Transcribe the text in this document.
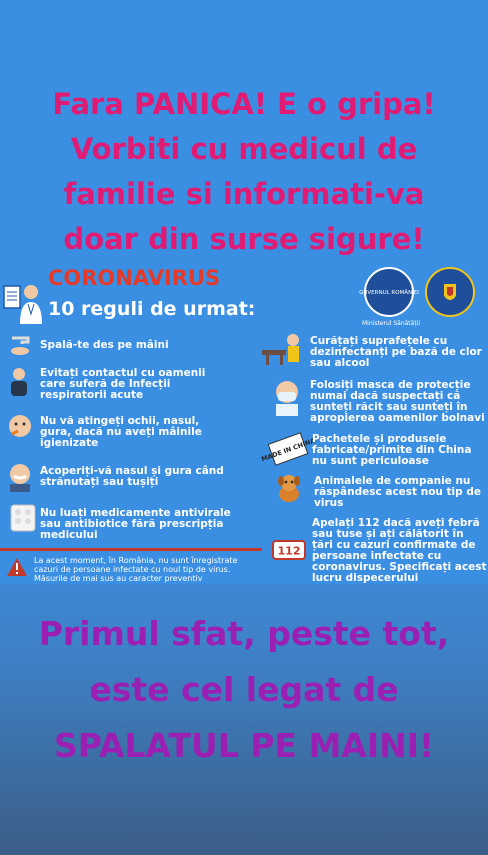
Fara PANICA! E o gripa!
Vorbiti cu medicul de
familie si informati-va
doar din surse sigure!
CORONAVIRUS
10 reguli de urmat:
GUVERNUL ROMÂNIEI
Ministerul Sănătății
Spală-te des pe mâini
Evitați contactul cu oamenii care suferă de Infecții respiratorii acute
Nu vă atingeți ochii, nasul, gura, dacă nu aveți mâinile igienizate
Acoperiți-vă nasul și gura când strănutați sau tușiți
Nu luați medicamente antivirale sau antibiotice fără prescripția medicului
Curățați suprafețele cu dezinfectanți pe bază de clor sau alcool
Folosiți masca de protecție numai dacă suspectați că sunteți răcit sau sunteți în apropierea oamenilor bolnavi
MADE IN CHINA
Pachetele și produsele fabricate/primite din China nu sunt periculoase
Animalele de companie nu răspândesc acest nou tip de virus
112
Apelați 112 dacă aveți febră sau tuse și ați călătorit în țări cu cazuri confirmate de persoane infectate cu coronavirus. Specificați acest lucru dispecerului
La acest moment, în România, nu sunt înregistrate
cazuri de persoane infectate cu noul tip de virus.
Măsurile de mai sus au caracter preventiv
Primul sfat, peste tot,
este cel legat de
SPALATUL PE MAINI!
